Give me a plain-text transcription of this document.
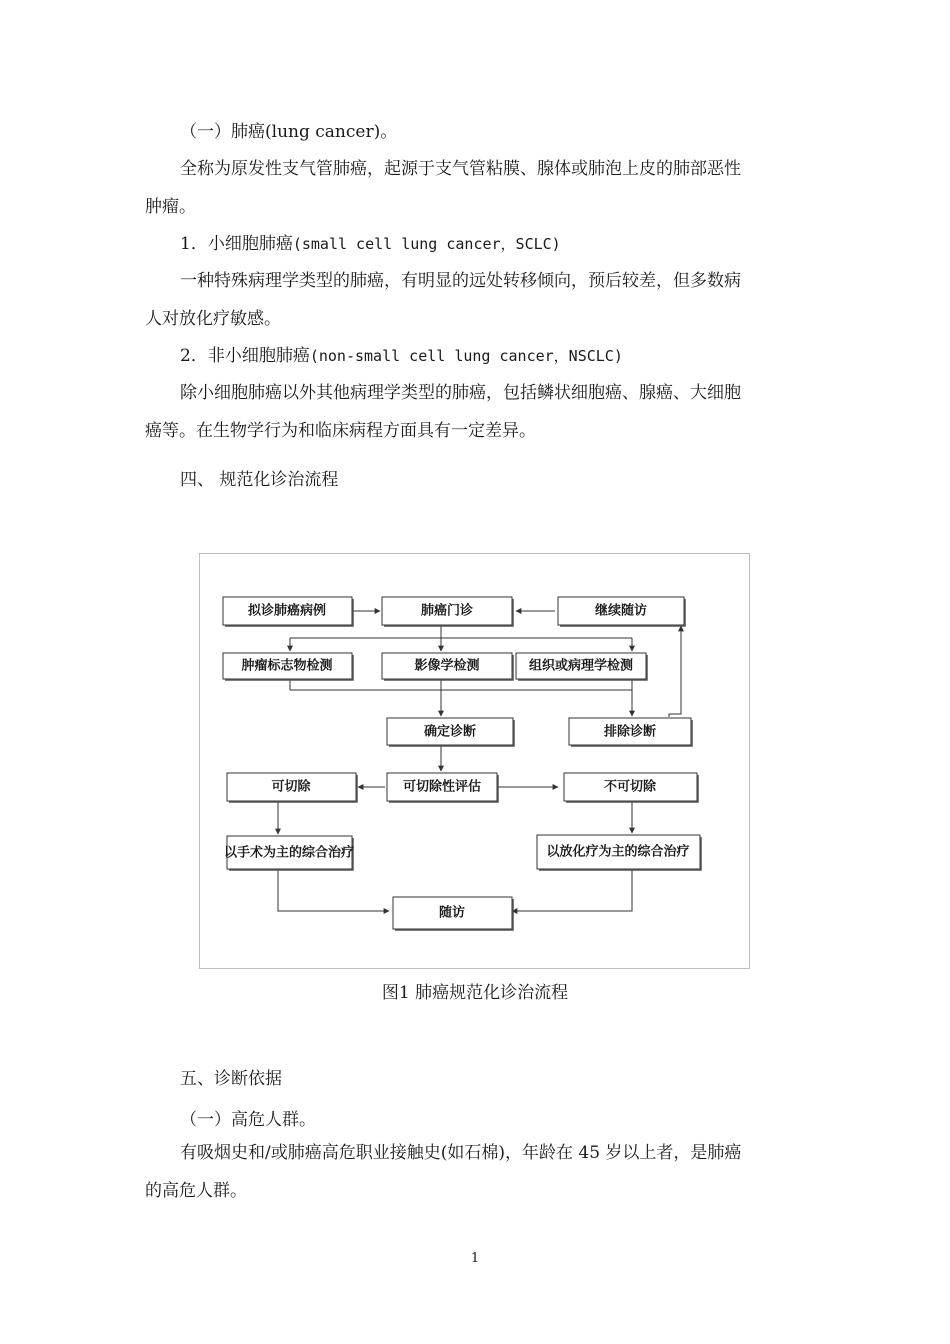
（一）肺癌(lung cancer)。

全称为原发性支气管肺癌，起源于支气管粘膜、腺体或肺泡上皮的肺部恶性

肿瘤。

1．小细胞肺癌(small cell lung cancer，SCLC)

一种特殊病理学类型的肺癌，有明显的远处转移倾向，预后较差，但多数病

人对放化疗敏感。

2．非小细胞肺癌(non-small cell lung cancer，NSCLC)

除小细胞肺癌以外其他病理学类型的肺癌，包括鳞状细胞癌、腺癌、大细胞

癌等。在生物学行为和临床病程方面具有一定差异。

四、 规范化诊治流程

拟诊肺癌病例	肺癌门诊	继续随访
肿瘤标志物检测	影像学检测	组织或病理学检测
确定诊断	排除诊断
可切除	可切除性评估	不可切除
以手术为主的综合治疗	以放化疗为主的综合治疗
随访
图1 肺癌规范化诊治流程

五、诊断依据

（一）高危人群。

有吸烟史和/或肺癌高危职业接触史(如石棉)，年龄在 45 岁以上者，是肺癌

的高危人群。

1
